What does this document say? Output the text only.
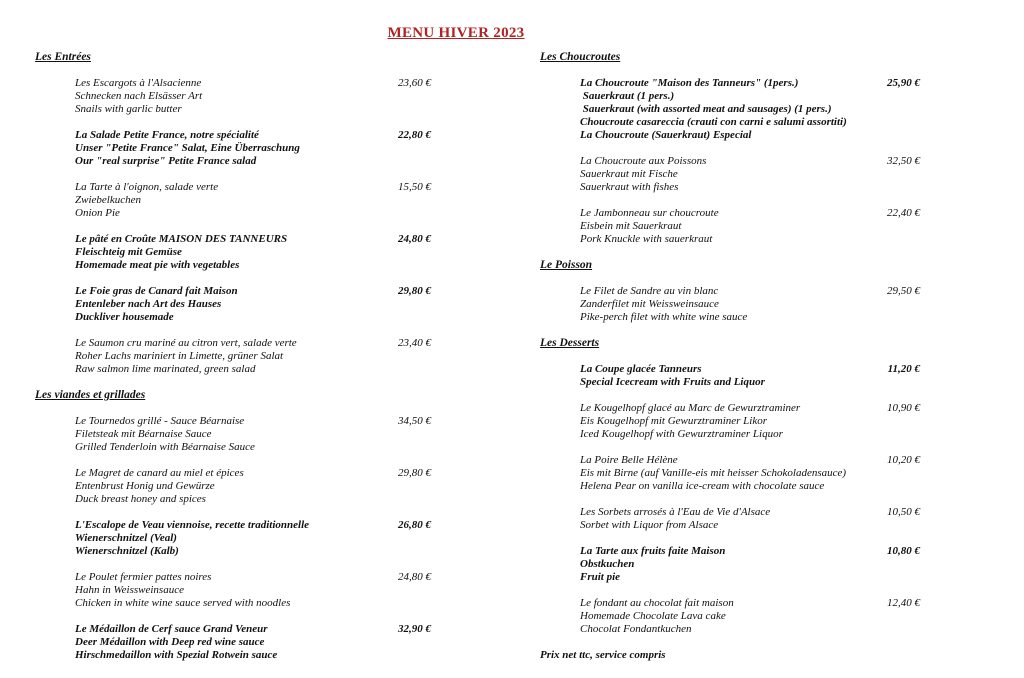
MENU HIVER 2023
Les Entrées
Les Escargots à l'Alsacienne
Schnecken nach Elsässer Art
Snails with garlic butter
23,60 €
La Salade Petite France, notre spécialité
Unser "Petite France" Salat, Eine Überraschung
Our "real surprise" Petite France salad
22,80 €
La Tarte à l'oignon, salade verte
Zwiebelkuchen
Onion Pie
15,50 €
Le pâté en Croûte MAISON DES TANNEURS
Fleischteig mit Gemüse
Homemade meat pie with vegetables
24,80 €
Le Foie gras de Canard fait Maison
Entenleber nach Art des Hauses
Duckliver housemade
29,80 €
Le Saumon cru mariné au citron vert, salade verte
Roher Lachs mariniert in Limette, grüner Salat
Raw salmon lime marinated, green salad
23,40 €
Les viandes et grillades
Le Tournedos grillé - Sauce Béarnaise
Filetsteak mit Béarnaise Sauce
Grilled Tenderloin with Béarnaise Sauce
34,50 €
Le Magret de canard au miel et épices
Entenbrust Honig und Gewürze
Duck breast honey and spices
29,80 €
L'Escalope de Veau viennoise, recette traditionnelle
Wienerschnitzel (Veal)
Wienerschnitzel (Kalb)
26,80 €
Le Poulet fermier pattes noires
Hahn in Weissweinsauce
Chicken in white wine sauce served with noodles
24,80 €
Le Médaillon de Cerf sauce Grand Veneur
Deer Médaillon with Deep red wine sauce
Hirschmedaillon with Spezial Rotwein sauce
32,90 €
Les Choucroutes
La Choucroute "Maison des Tanneurs" (1pers.)
Sauerkraut (1 pers.)
Sauerkraut (with assorted meat and sausages) (1 pers.)
Choucroute casareccia (crauti con carni e salumi assortiti)
La Choucroute (Sauerkraut) Especial
25,90 €
La Choucroute aux Poissons
Sauerkraut mit Fische
Sauerkraut with fishes
32,50 €
Le Jambonneau sur choucroute
Eisbein mit Sauerkraut
Pork Knuckle with sauerkraut
22,40 €
Le Poisson
Le Filet de Sandre au vin blanc
Zanderfilet mit Weissweinsauce
Pike-perch filet with white wine sauce
29,50 €
Les Desserts
La Coupe glacée Tanneurs
Special Icecream with Fruits and Liquor
11,20 €
Le Kougelhopf glacé au Marc de Gewurztraminer
Eis Kougelhopf mit Gewurztraminer Likor
Iced Kougelhopf with Gewurztraminer Liquor
10,90 €
La Poire Belle Hélène
Eis mit Birne (auf Vanille-eis mit heisser Schokoladensauce)
Helena Pear on vanilla ice-cream with chocolate sauce
10,20 €
Les Sorbets arrosés à l'Eau de Vie d'Alsace
Sorbet with Liquor from Alsace
10,50 €
La Tarte aux fruits faite Maison
Obstkuchen
Fruit pie
10,80 €
Le fondant au chocolat fait maison
Homemade Chocolate Lava cake
Chocolat Fondantkuchen
12,40 €
Prix net ttc, service compris
